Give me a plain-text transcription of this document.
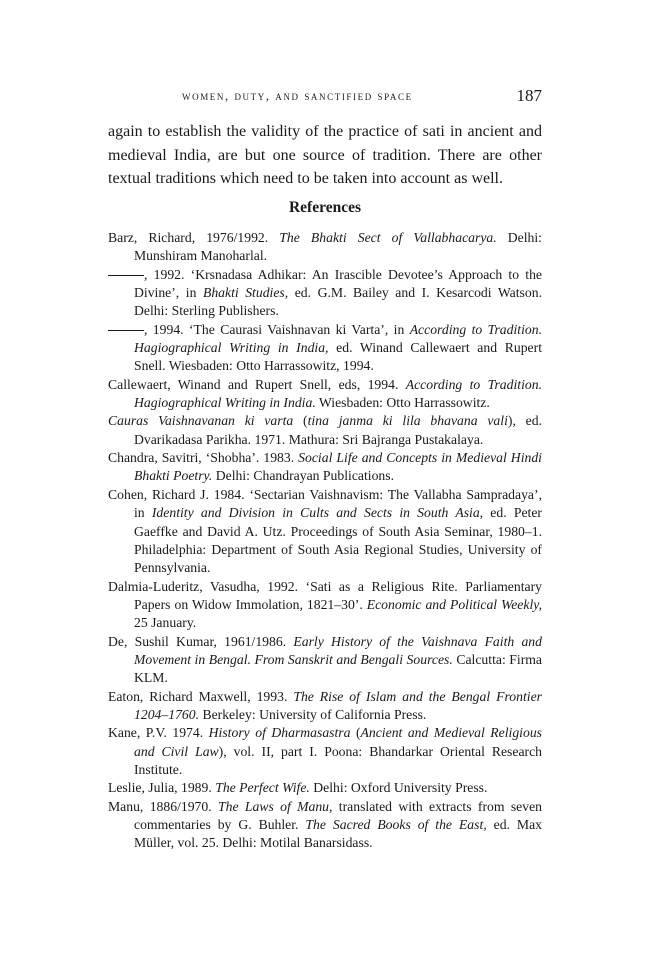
women, duty, and sanctified space	187

again to establish the validity of the practice of sati in ancient and medieval India, are but one source of tradition. There are other textual traditions which need to be taken into account as well.

References

Barz, Richard, 1976/1992. The Bhakti Sect of Vallabhacarya. Delhi: Munshiram Manoharlal.

, 1992. ‘Krsnadasa Adhikar: An Irascible Devotee’s Approach to the Divine’, in Bhakti Studies, ed. G.M. Bailey and I. Kesarcodi Watson. Delhi: Sterling Publishers.

, 1994. ‘The Caurasi Vaishnavan ki Varta’, in According to Tradition. Hagiographical Writing in India, ed. Winand Callewaert and Rupert Snell. Wiesbaden: Otto Harrassowitz, 1994.

Callewaert, Winand and Rupert Snell, eds, 1994. According to Tradition. Hagiographical Writing in India. Wiesbaden: Otto Harrassowitz.

Cauras Vaishnavanan ki varta (tina janma ki lila bhavana vali), ed. Dvarikadasa Parikha. 1971. Mathura: Sri Bajranga Pustakalaya.

Chandra, Savitri, ‘Shobha’. 1983. Social Life and Concepts in Medieval Hindi Bhakti Poetry. Delhi: Chandrayan Publications.

Cohen, Richard J. 1984. ‘Sectarian Vaishnavism: The Vallabha Sampradaya’, in Identity and Division in Cults and Sects in South Asia, ed. Peter Gaeffke and David A. Utz. Proceedings of South Asia Seminar, 1980–1. Philadelphia: Department of South Asia Regional Studies, University of Pennsylvania.

Dalmia-Luderitz, Vasudha, 1992. ‘Sati as a Religious Rite. Parliamentary Papers on Widow Immolation, 1821–30’. Economic and Political Weekly, 25 January.

De, Sushil Kumar, 1961/1986. Early History of the Vaishnava Faith and Movement in Bengal. From Sanskrit and Bengali Sources. Calcutta: Firma KLM.

Eaton, Richard Maxwell, 1993. The Rise of Islam and the Bengal Frontier 1204–1760. Berkeley: University of California Press.

Kane, P.V. 1974. History of Dharmasastra (Ancient and Medieval Religious and Civil Law), vol. II, part I. Poona: Bhandarkar Oriental Research Institute.

Leslie, Julia, 1989. The Perfect Wife. Delhi: Oxford University Press.

Manu, 1886/1970. The Laws of Manu, translated with extracts from seven commentaries by G. Buhler. The Sacred Books of the East, ed. Max Müller, vol. 25. Delhi: Motilal Banarsidass.
